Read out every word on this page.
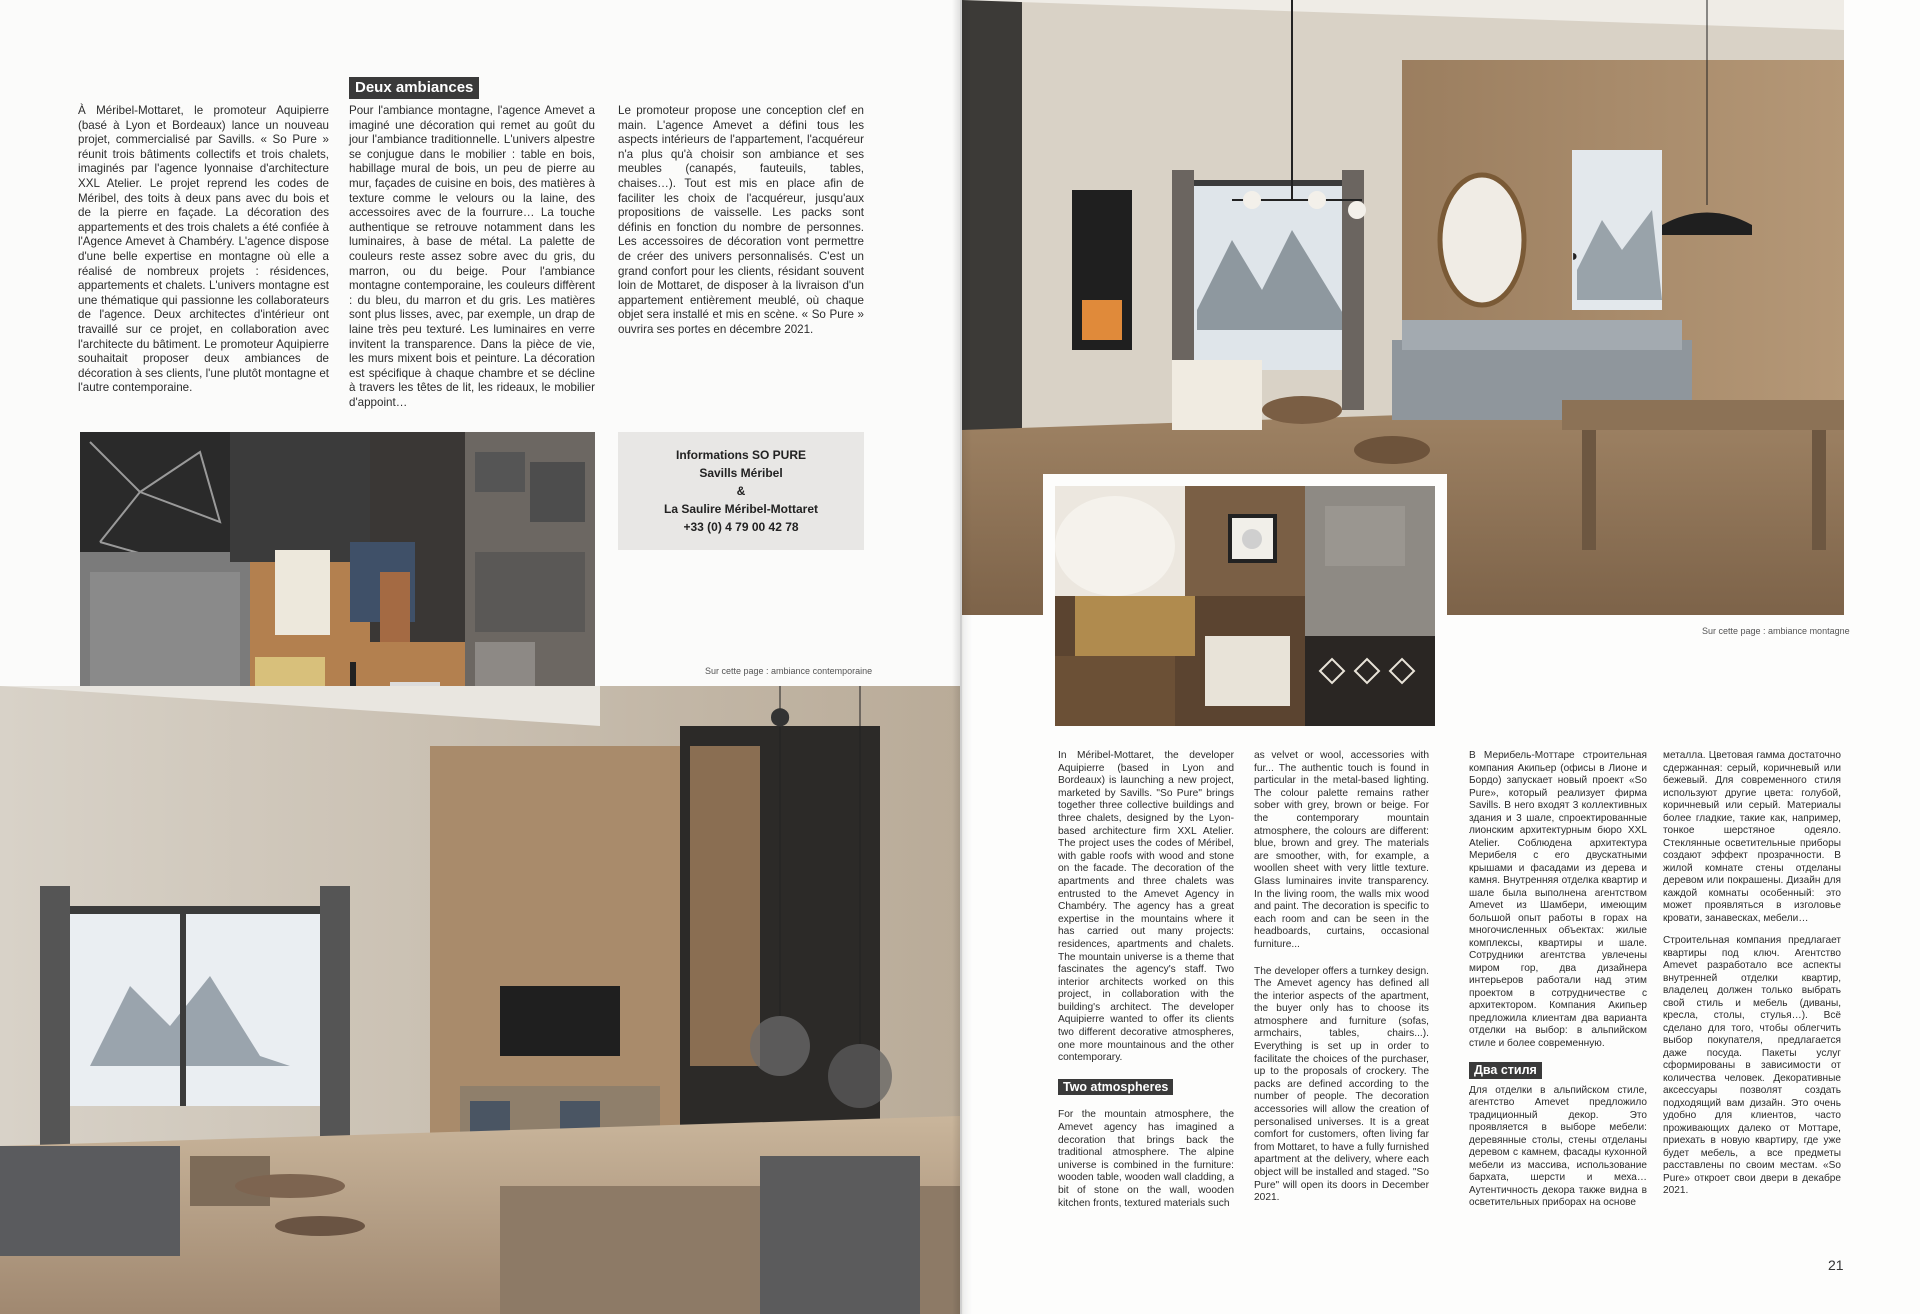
À Méribel-Mottaret, le promoteur Aquipierre (basé à Lyon et Bordeaux) lance un nouveau projet, commercialisé par Savills. « So Pure » réunit trois bâtiments collectifs et trois chalets, imaginés par l'agence lyonnaise d'architecture XXL Atelier. Le projet reprend les codes de Méribel, des toits à deux pans avec du bois et de la pierre en façade. La décoration des appartements et des trois chalets a été confiée à l'Agence Amevet à Chambéry. L'agence dispose d'une belle expertise en montagne où elle a réalisé de nombreux projets : résidences, appartements et chalets. L'univers montagne est une thématique qui passionne les collaborateurs de l'agence. Deux architectes d'intérieur ont travaillé sur ce projet, en collaboration avec l'architecte du bâtiment. Le promoteur Aquipierre souhaitait proposer deux ambiances de décoration à ses clients, l'une plutôt montagne et l'autre contemporaine.
Deux ambiances
Pour l'ambiance montagne, l'agence Amevet a imaginé une décoration qui remet au goût du jour l'ambiance traditionnelle. L'univers alpestre se conjugue dans le mobilier : table en bois, habillage mural de bois, un peu de pierre au mur, façades de cuisine en bois, des matières à texture comme le velours ou la laine, des accessoires avec de la fourrure… La touche authentique se retrouve notamment dans les luminaires, à base de métal. La palette de couleurs reste assez sobre avec du gris, du marron, ou du beige. Pour l'ambiance montagne contemporaine, les couleurs diffèrent : du bleu, du marron et du gris. Les matières sont plus lisses, avec, par exemple, un drap de laine très peu texturé. Les luminaires en verre invitent la transparence. Dans la pièce de vie, les murs mixent bois et peinture. La décoration est spécifique à chaque chambre et se décline à travers les têtes de lit, les rideaux, le mobilier d'appoint…
Le promoteur propose une conception clef en main. L'agence Amevet a défini tous les aspects intérieurs de l'appartement, l'acquéreur n'a plus qu'à choisir son ambiance et ses meubles (canapés, fauteuils, tables, chaises…). Tout est mis en place afin de faciliter les choix de l'acquéreur, jusqu'aux propositions de vaisselle. Les packs sont définis en fonction du nombre de personnes. Les accessoires de décoration vont permettre de créer des univers personnalisés. C'est un grand confort pour les clients, résidant souvent loin de Mottaret, de disposer à la livraison d'un appartement entièrement meublé, où chaque objet sera installé et mis en scène. « So Pure » ouvrira ses portes en décembre 2021.
Informations SO PURE
Savills Méribel
&
La Saulire Méribel-Mottaret
+33 (0) 4 79 00 42 78
Sur cette page : ambiance contemporaine
⬤
◗
Sur cette page : ambiance montagne

In Méribel-Mottaret, the developer Aquipierre (based in Lyon and Bordeaux) is launching a new project, marketed by Savills. "So Pure" brings together three collective buildings and three chalets, designed by the Lyon-based architecture firm XXL Atelier. The project uses the codes of Méribel, with gable roofs with wood and stone on the facade. The decoration of the apartments and three chalets was entrusted to the Amevet Agency in Chambéry. The agency has a great expertise in the mountains where it has carried out many projects: residences, apartments and chalets. The mountain universe is a theme that fascinates the agency's staff. Two interior architects worked on this project, in collaboration with the building's architect. The developer Aquipierre wanted to offer its clients two different decorative atmospheres, one more mountainous and the other contemporary.

Two atmospheres

For the mountain atmosphere, the Amevet agency has imagined a decoration that brings back the traditional atmosphere. The alpine universe is combined in the furniture: wooden table, wooden wall cladding, a bit of stone on the wall, wooden kitchen fronts, textured materials such

as velvet or wool, accessories with fur... The authentic touch is found in particular in the metal-based lighting. The colour palette remains rather sober with grey, brown or beige. For the contemporary mountain atmosphere, the colours are different: blue, brown and grey. The materials are smoother, with, for example, a woollen sheet with very little texture. Glass luminaires invite transparency. In the living room, the walls mix wood and paint. The decoration is specific to each room and can be seen in the headboards, curtains, occasional furniture...

The developer offers a turnkey design. The Amevet agency has defined all the interior aspects of the apartment, the buyer only has to choose its atmosphere and furniture (sofas, armchairs, tables, chairs...). Everything is set up in order to facilitate the choices of the purchaser, up to the proposals of crockery. The packs are defined according to the number of people. The decoration accessories will allow the creation of personalised universes. It is a great comfort for customers, often living far from Mottaret, to have a fully furnished apartment at the delivery, where each object will be installed and staged. "So Pure" will open its doors in December 2021.

В Мерибель-Моттаре строительная компания Акипьер (офисы в Лионе и Бордо) запускает новый проект «So Pure», который реализует фирма Savills. В него входят 3 коллективных здания и 3 шале, спроектированные лионским архитектурным бюро XXL Atelier. Соблюдена архитектура Мерибеля с его двускатными крышами и фасадами из дерева и камня. Внутренняя отделка квартир и шале была выполнена агентством Amevet из Шамбери, имеющим большой опыт работы в горах на многочисленных объектах: жилые комплексы, квартиры и шале. Сотрудники агентства увлечены миром гор, два дизайнера интерьеров работали над этим проектом в сотрудничестве с архитектором. Компания Акипьер предложила клиентам два варианта отделки на выбор: в альпийском стиле и более современную.

Два стиля

Для отделки в альпийском стиле, агентство Amevet предложило традиционный декор. Это проявляется в выборе мебели: деревянные столы, стены отделаны деревом с камнем, фасады кухонной мебели из массива, использование бархата, шерсти и меха… Аутентичность декора также видна в осветительных приборах на основе

металла. Цветовая гамма достаточно сдержанная: серый, коричневый или бежевый. Для современного стиля используют другие цвета: голубой, коричневый или серый. Материалы более гладкие, такие как, например, тонкое шерстяное одеяло. Стеклянные осветительные приборы создают эффект прозрачности. В жилой комнате стены отделаны деревом или покрашены. Дизайн для каждой комнаты особенный: это может проявляться в изголовье кровати, занавесках, мебели…

Строительная компания предлагает квартиры под ключ. Агентство Amevet разработало все аспекты внутренней отделки квартир, владелец должен только выбрать свой стиль и мебель (диваны, кресла, столы, стулья…). Всё сделано для того, чтобы облегчить выбор покупателя, предлагается даже посуда. Пакеты услуг сформированы в зависимости от количества человек. Декоративные аксессуары позволят создать подходящий вам дизайн. Это очень удобно для клиентов, часто проживающих далеко от Моттаре, приехать в новую квартиру, где уже будет мебель, а все предметы расставлены по своим местам. «So Pure» откроет свои двери в декабре 2021.

21
